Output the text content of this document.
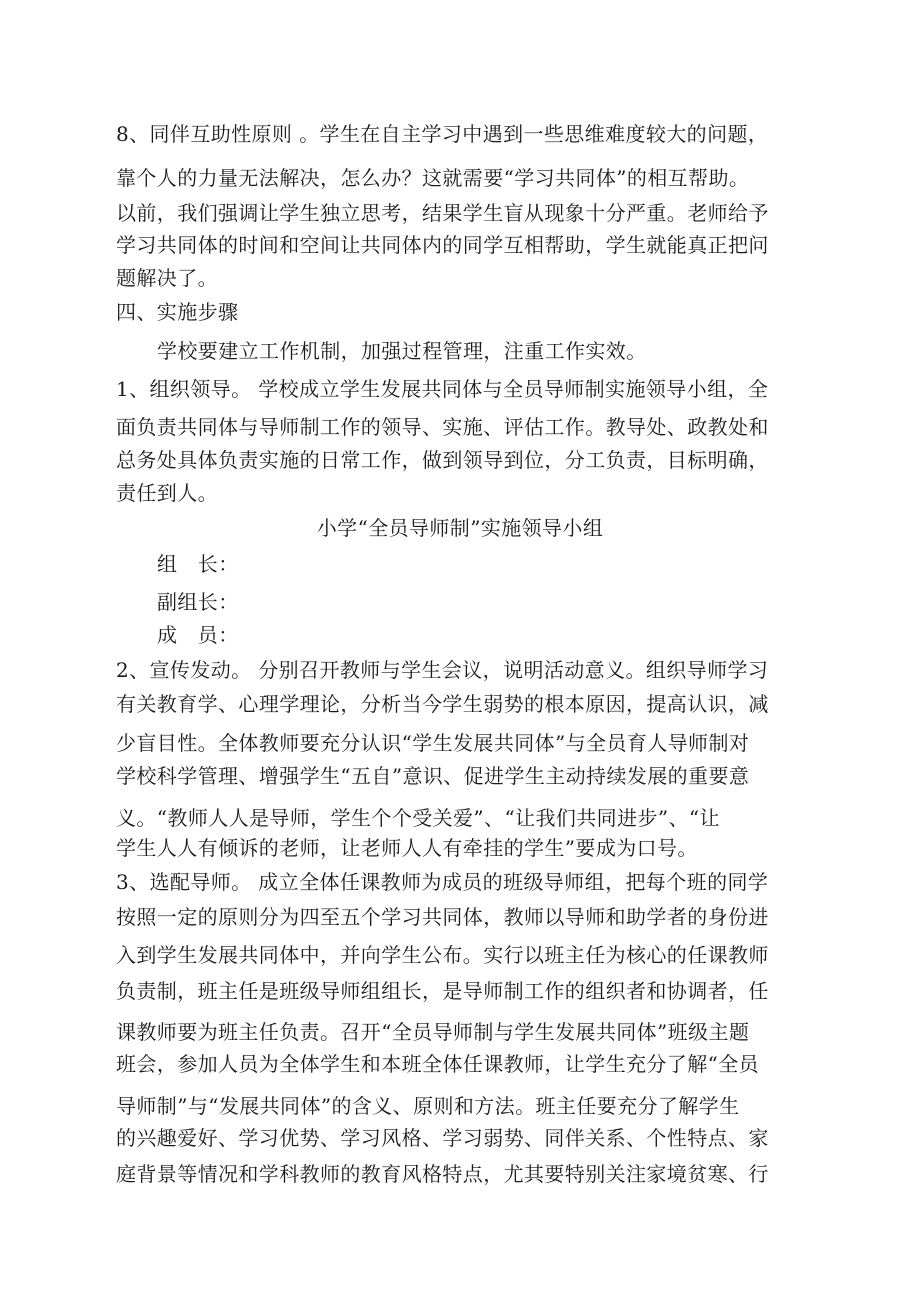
8、同伴互助性原则 。学生在自主学习中遇到一些思维难度较大的问题，
靠个人的力量无法解决，怎么办？这就需要“学习共同体”的相互帮助。
以前，我们强调让学生独立思考，结果学生盲从现象十分严重。老师给予
学习共同体的时间和空间让共同体内的同学互相帮助，学生就能真正把问
题解决了。
四、实施步骤
学校要建立工作机制，加强过程管理，注重工作实效。
1、组织领导。 学校成立学生发展共同体与全员导师制实施领导小组，全
面负责共同体与导师制工作的领导、实施、评估工作。教导处、政教处和
总务处具体负责实施的日常工作，做到领导到位，分工负责，目标明确，
责任到人。
小学“全员导师制”实施领导小组
组　长：
副组长：
成　员：
2、宣传发动。 分别召开教师与学生会议，说明活动意义。组织导师学习
有关教育学、心理学理论，分析当今学生弱势的根本原因，提高认识，减
少盲目性。全体教师要充分认识“学生发展共同体”与全员育人导师制对
学校科学管理、增强学生“五自”意识、促进学生主动持续发展的重要意
义。“教师人人是导师，学生个个受关爱”、“让我们共同进步”、“让
学生人人有倾诉的老师，让老师人人有牵挂的学生”要成为口号。
3、选配导师。 成立全体任课教师为成员的班级导师组，把每个班的同学
按照一定的原则分为四至五个学习共同体，教师以导师和助学者的身份进
入到学生发展共同体中，并向学生公布。实行以班主任为核心的任课教师
负责制，班主任是班级导师组组长，是导师制工作的组织者和协调者，任
课教师要为班主任负责。召开“全员导师制与学生发展共同体”班级主题
班会，参加人员为全体学生和本班全体任课教师，让学生充分了解“全员
导师制”与“发展共同体”的含义、原则和方法。班主任要充分了解学生
的兴趣爱好、学习优势、学习风格、学习弱势、同伴关系、个性特点、家
庭背景等情况和学科教师的教育风格特点，尤其要特别关注家境贫寒、行
